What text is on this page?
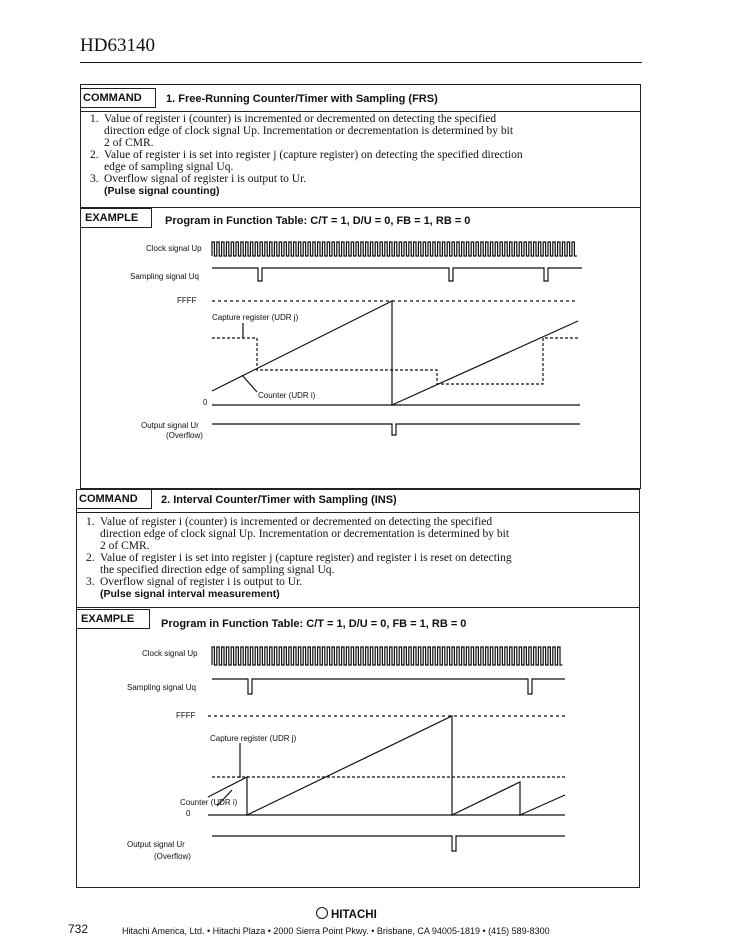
HD63140
COMMAND	1. Free-Running Counter/Timer with Sampling (FRS)
1. Value of register i (counter) is incremented or decremented on detecting the specified
direction edge of clock signal Up. Incrementation or decrementation is determined by bit
2 of CMR.
2. Value of register i is set into register j (capture register) on detecting the specified direction
edge of sampling signal Uq.
3. Overflow signal of register i is output to Ur.
(Pulse signal counting)
EXAMPLE	Program in Function Table: C/T = 1, D/U = 0, FB = 1, RB = 0
Clock signal Up
Sampling signal Uq
FFFF
Capture register (UDR j)
Counter (UDR i)
0
Output signal Ur
(Overflow)
COMMAND	2. Interval Counter/Timer with Sampling (INS)
1. Value of register i (counter) is incremented or decremented on detecting the specified
direction edge of clock signal Up. Incrementation or decrementation is determined by bit
2 of CMR.
2. Value of register i is set into register j (capture register) and register i is reset on detecting
the specified direction edge of sampling signal Uq.
3. Overflow signal of register i is output to Ur.
(Pulse signal interval measurement)
EXAMPLE	Program in Function Table: C/T = 1, D/U = 0, FB = 1, RB = 0
Clock signal Up
Sampling signal Uq
FFFF
Capture register (UDR j)
Counter (UDR i)
0
Output signal Ur
(Overflow)
732
HITACHI
Hitachi America, Ltd. • Hitachi Plaza • 2000 Sierra Point Pkwy. • Brisbane, CA 94005-1819 • (415) 589-8300
